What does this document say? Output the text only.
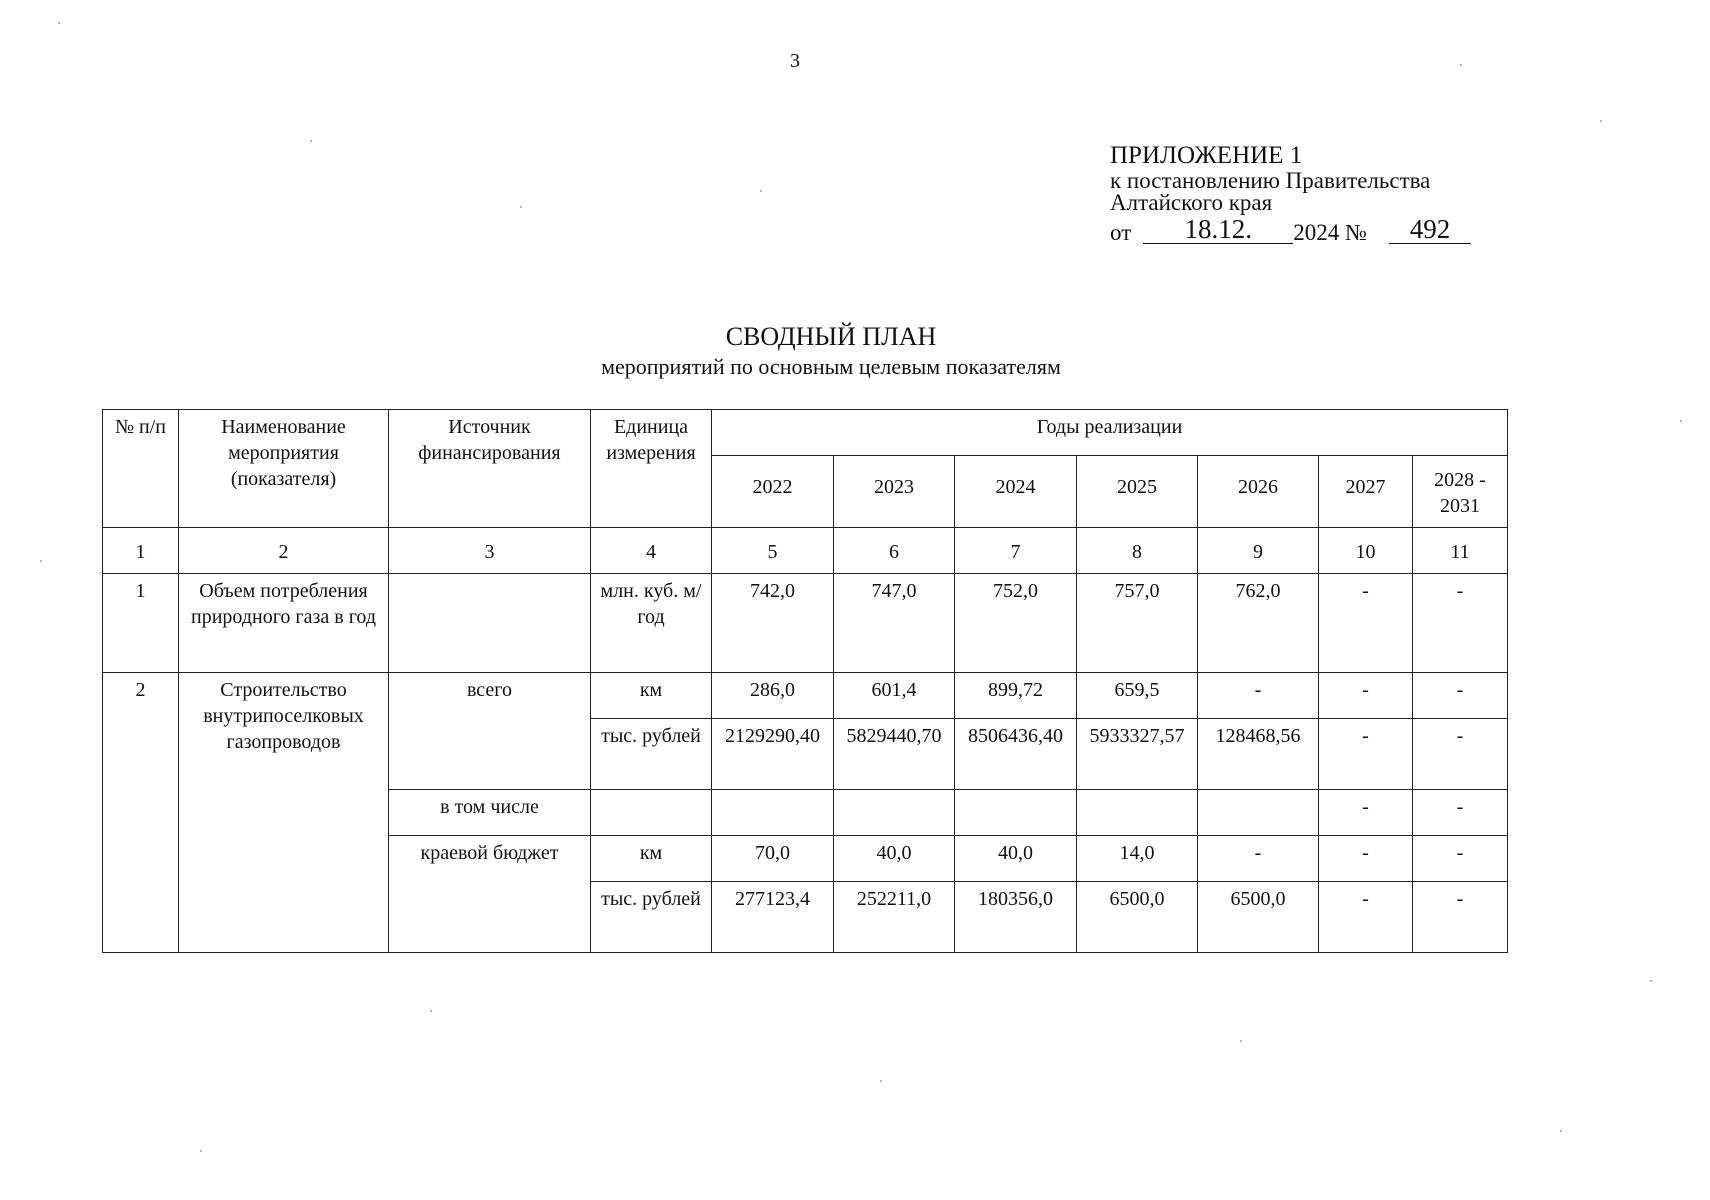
3
ПРИЛОЖЕНИЕ 1
к постановлению Правительства
Алтайского края
от	18.12.	2024 №	492
СВОДНЫЙ ПЛАН
мероприятий по основным целевым показателям
№ п/п	Наименование мероприятия (показателя)	Источник финансирования	Единица измерения	Годы реализации						
				2022	2023	2024	2025	2026	2027	2028 - 2031
1	2	3	4	5	6	7	8	9	10	11
1	Объем потребления природного газа в год		млн. куб. м/год	742,0	747,0	752,0	757,0	762,0	-	-
2	Строительство внутрипоселковых газопроводов	всего	км	286,0	601,4	899,72	659,5	-	-	-
			тыс. рублей	2129290,40	5829440,70	8506436,40	5933327,57	128468,56	-	-
		в том числе							-	-
		краевой бюджет	км	70,0	40,0	40,0	14,0	-	-	-
			тыс. рублей	277123,4	252211,0	180356,0	6500,0	6500,0	-	-
